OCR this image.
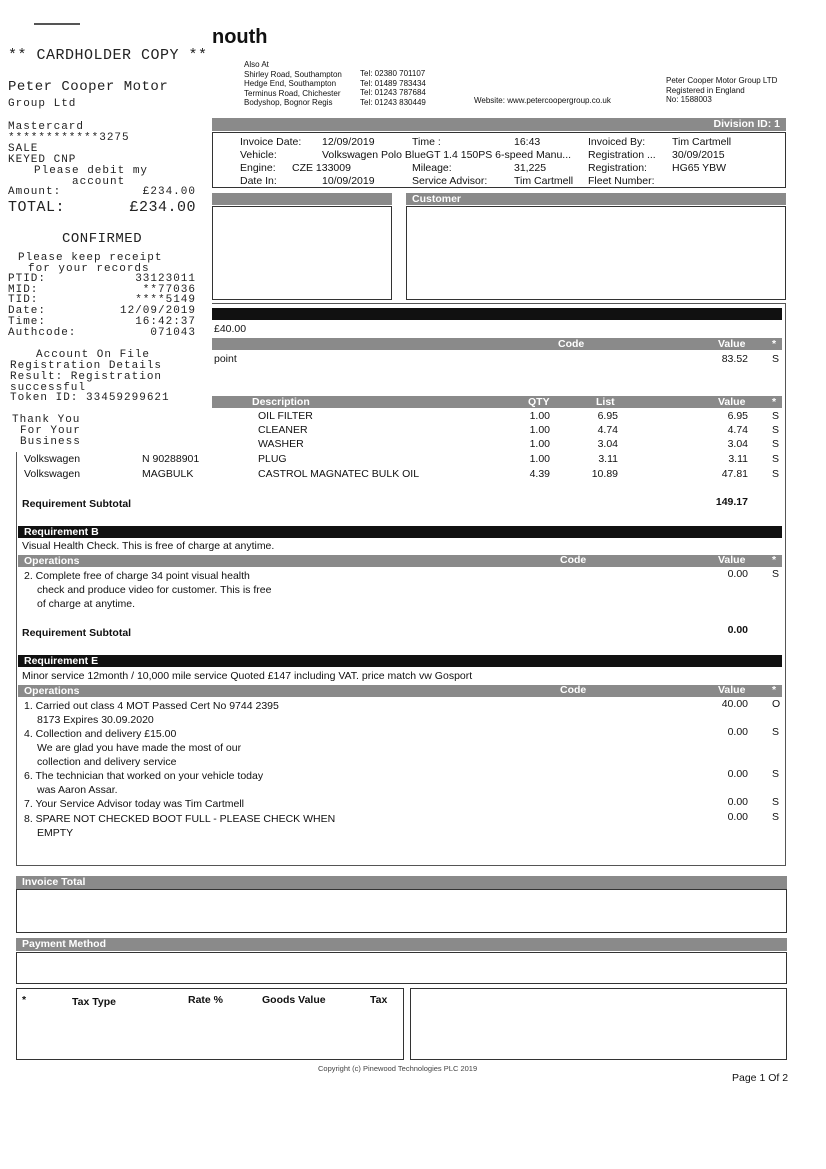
nouth
Also At
Shirley Road, Southampton
Hedge End, Southampton
Terminus Road, Chichester
Bodyshop, Bognor Regis
Tel: 02380 701107
Tel: 01489 783434
Tel: 01243 787684
Tel: 01243 830449	Website: www.petercoopergroup.co.uk
Peter Cooper Motor Group LTD
Registered in England
No: 1588003
Division ID: 1
Invoice Date: 12/09/2019	Time :	16:43	Invoiced By:	Tim Cartmell
Vehicle:	Volkswagen Polo BlueGT 1.4 150PS 6-speed Manu... Registration ... 30/09/2015
Engine: CZE 133009	Mileage:	31,225	Registration: HG65 YBW
Date In:	10/09/2019	Service Advisor:	Tim Cartmell Fleet Number:
Customer
£40.00
Code	Value	*
point	83.52 S
Description	QTY	List	Value	*
OIL FILTER	1.00	6.95	6.95 S
CLEANER	1.00	4.74	4.74 S
WASHER	1.00	3.04	3.04 S
Volkswagen	N 90288901	PLUG	1.00	3.11	3.11 S
Volkswagen	MAGBULK	CASTROL MAGNATEC BULK OIL	4.39	10.89	47.81 S
Requirement Subtotal	149.17
Requirement B
Visual Health Check. This is free of charge at anytime.
Operations	Code	Value	*
2. Complete free of charge 34 point visual health
check and produce video for customer. This is free
of charge at anytime.
0.00 S
Requirement Subtotal	0.00
Requirement E
Minor service 12month / 10,000 mile service Quoted £147 including VAT. price match vw Gosport
Operations	Code	Value	*
1. Carried out class 4 MOT Passed Cert No 9744 2395
8173 Expires 30.09.2020
40.00 O
4. Collection and delivery £15.00
We are glad you have made the most of our
collection and delivery service
0.00 S
6. The technician that worked on your vehicle today
was Aaron Assar.
0.00 S
7. Your Service Advisor today was Tim Cartmell	0.00 S
8. SPARE NOT CHECKED BOOT FULL - PLEASE CHECK WHEN
EMPTY
0.00 S
Invoice Total
Payment Method
*	Tax Type	Rate %	Goods Value	Tax
Copyright (c) Pinewood Technologies PLC 2019
Page 1 Of 2
** CARDHOLDER COPY **
Peter Cooper Motor
Group Ltd
Mastercard
************3275
SALE
KEYED CNP
Please debit my
account
Amount:	£234.00
TOTAL:	£234.00
CONFIRMED
Please keep receipt
for your records
PTID:	33123011
MID:	**77036
TID:	****5149
Date:	12/09/2019
Time:	16:42:37
Authcode:	071043
Account On File
Registration Details
Result: Registration
successful
Token ID: 33459299621
Thank You
For Your
Business
